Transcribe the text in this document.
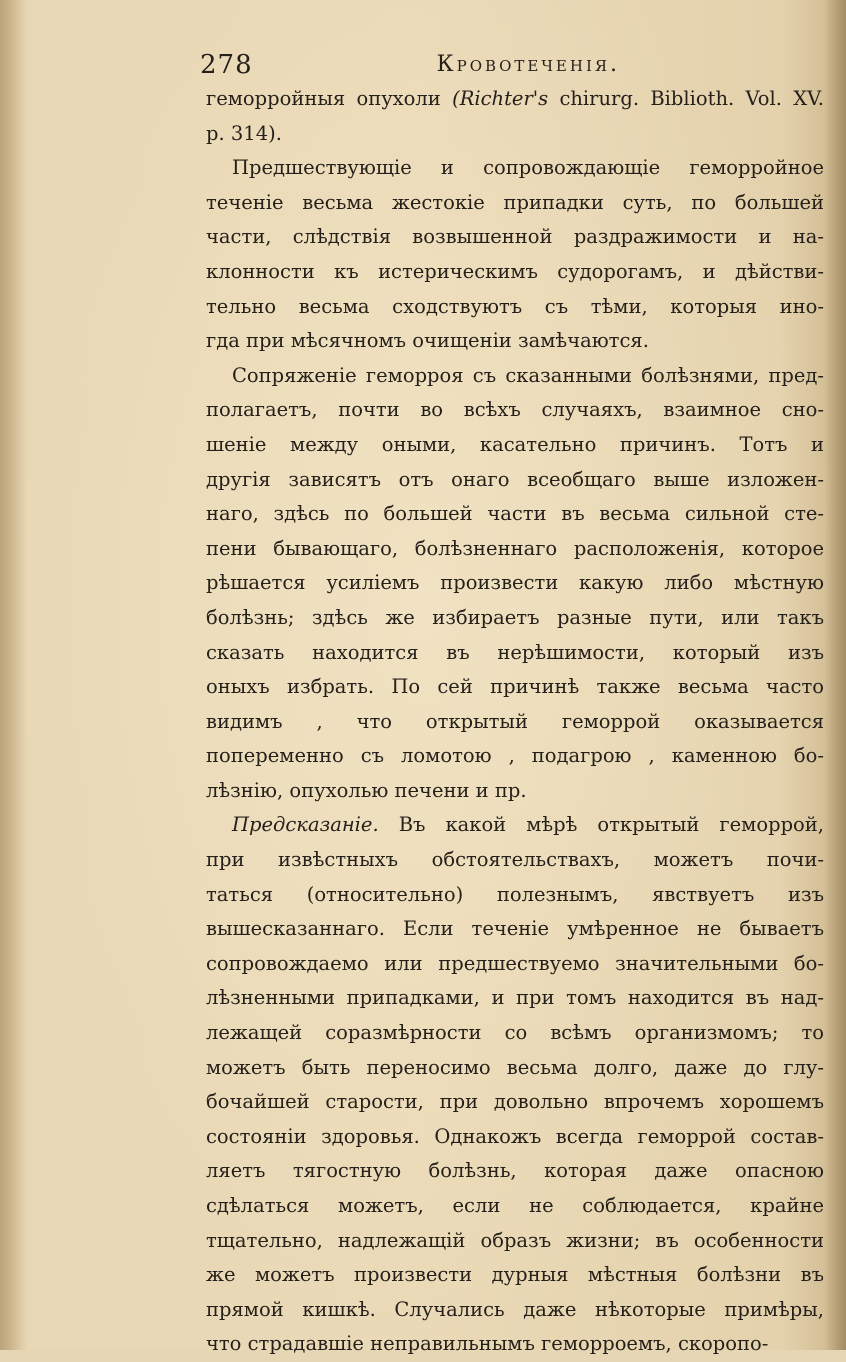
278	Кровотеченія.
геморройныя опухоли (Richter's chirurg. Biblioth. Vol. XV.
p. 314).
Предшествующіе и сопровождающіе геморройное
теченіе весьма жестокіе припадки суть, по большей
части, слѣдствія возвышенной раздражимости и на-
клонности къ истерическимъ судорогамъ, и дѣйстви-
тельно весьма сходствуютъ съ тѣми, которыя ино-
гда при мѣсячномъ очищеніи замѣчаются.
Сопряженіе геморроя съ сказанными болѣзнями, пред-
полагаетъ, почти во всѣхъ случаяхъ, взаимное сно-
шеніе между оными, касательно причинъ. Тотъ и
другія зависятъ отъ онаго всеобщаго выше изложен-
наго, здѣсь по большей части въ весьма сильной сте-
пени бывающаго, болѣзненнаго расположенія, которое
рѣшается усиліемъ произвести какую либо мѣстную
болѣзнь; здѣсь же избираетъ разные пути, или такъ
сказать находится въ нерѣшимости, который изъ
оныхъ избрать. По сей причинѣ также весьма часто
видимъ , что открытый геморрой оказывается
попеременно съ ломотою , подагрою , каменною бо-
лѣзнію, опухолью печени и пр.
Предсказаніе. Въ какой мѣрѣ открытый геморрой,
при извѣстныхъ обстоятельствахъ, можетъ почи-
таться (относительно) полезнымъ, явствуетъ изъ
вышесказаннаго. Если теченіе умѣренное не бываетъ
сопровождаемо или предшествуемо значительными бо-
лѣзненными припадками, и при томъ находится въ над-
лежащей соразмѣрности со всѣмъ организмомъ; то
можетъ быть переносимо весьма долго, даже до глу-
бочайшей старости, при довольно впрочемъ хорошемъ
состояніи здоровья. Однакожъ всегда геморрой состав-
ляетъ тягостную болѣзнь, которая даже опасною
сдѣлаться можетъ, если не соблюдается, крайне
тщательно, надлежащій образъ жизни; въ особенности
же можетъ произвести дурныя мѣстныя болѣзни въ
прямой кишкѣ. Случались даже нѣкоторые примѣры,
что страдавшіе неправильнымъ геморроемъ, скоропо-
